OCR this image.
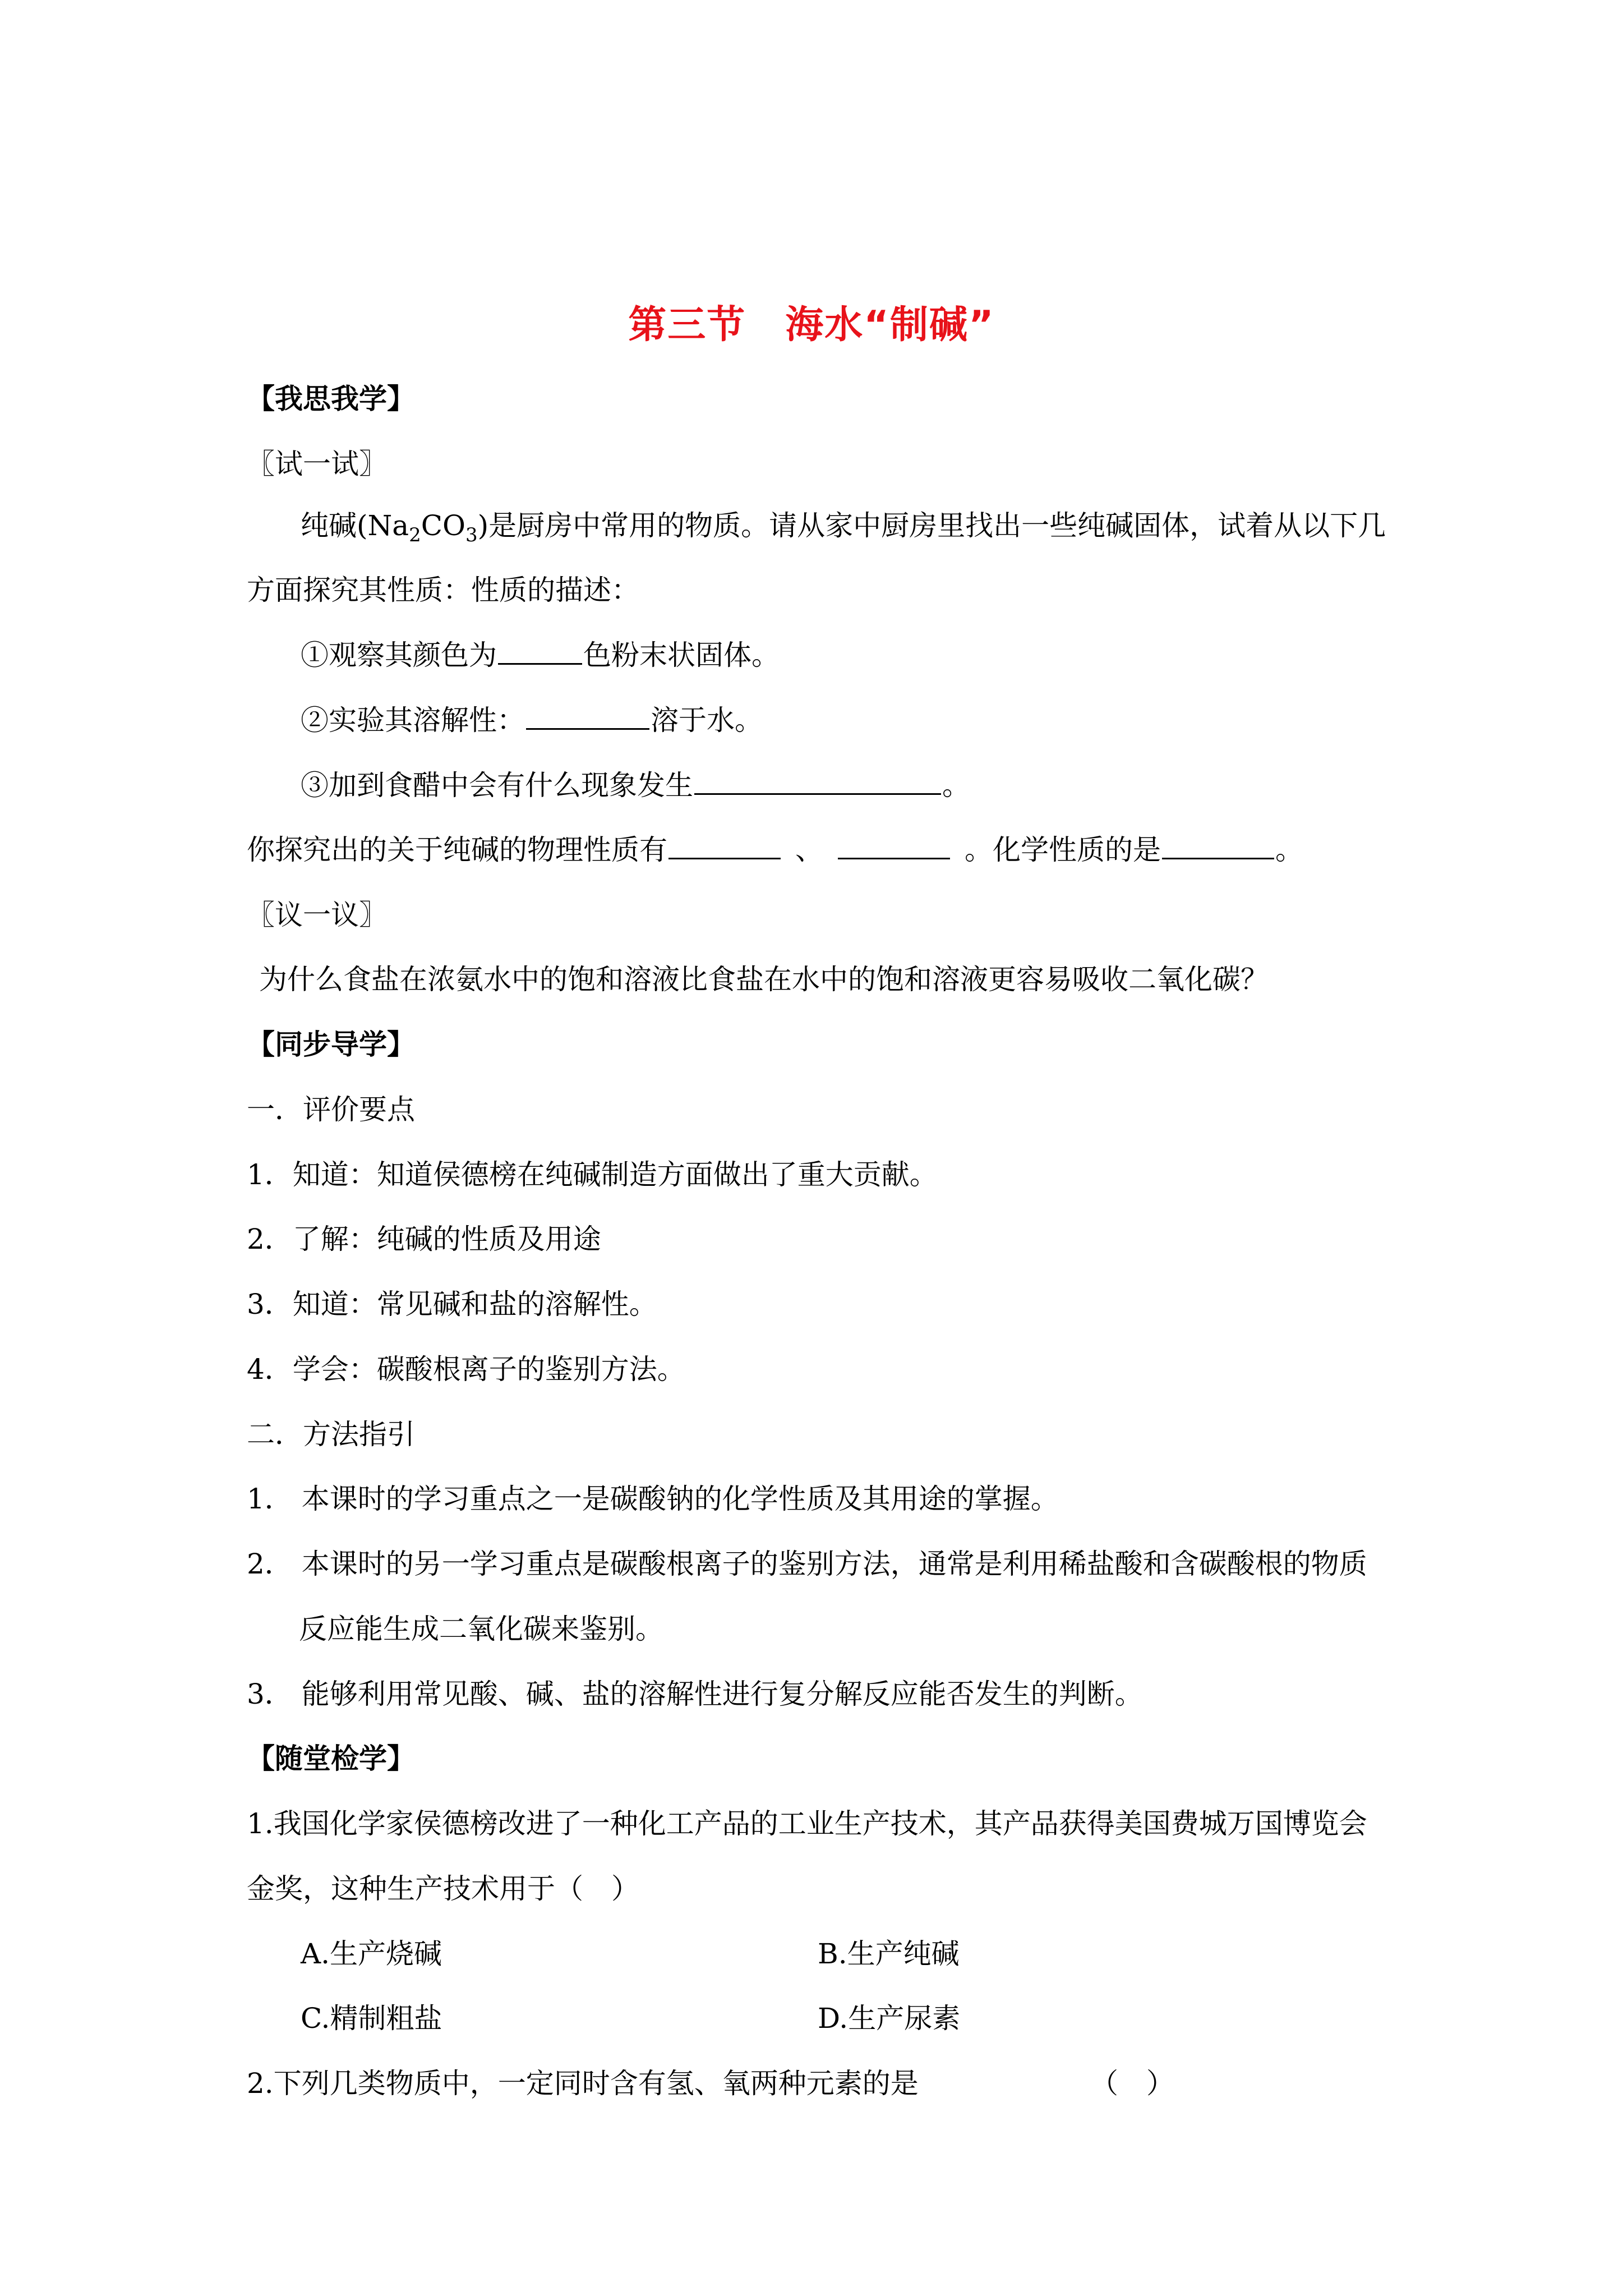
第三节　海水“制碱”
【我思我学】
〖试一试〗
纯碱$(Na_2CO_3)$是厨房中常用的物质。请从家中厨房里找出一些纯碱固体，试着从以下几
方面探究其性质：性质的描述：
①观察其颜色为	色粉末状固体。
②实验其溶解性：	溶于水。
③加到食醋中会有什么现象发生	。
你探究出的关于纯碱的物理性质有	、	。化学性质的是	。
〖议一议〗
为什么食盐在浓氨水中的饱和溶液比食盐在水中的饱和溶液更容易吸收二氧化碳？
【同步导学】
一．评价要点
1．知道：知道侯德榜在纯碱制造方面做出了重大贡献。
2．了解：纯碱的性质及用途
3．知道：常见碱和盐的溶解性。
4．学会：碳酸根离子的鉴别方法。
二．方法指引
1． 本课时的学习重点之一是碳酸钠的化学性质及其用途的掌握。
2． 本课时的另一学习重点是碳酸根离子的鉴别方法，通常是利用稀盐酸和含碳酸根的物质
反应能生成二氧化碳来鉴别。
3． 能够利用常见酸、碱、盐的溶解性进行复分解反应能否发生的判断。
【随堂检学】
1.我国化学家侯德榜改进了一种化工产品的工业生产技术，其产品获得美国费城万国博览会
金奖，这种生产技术用于（　）
A.生产烧碱	B.生产纯碱
C.精制粗盐	D.生产尿素
2.下列几类物质中，一定同时含有氢、氧两种元素的是	（　）
